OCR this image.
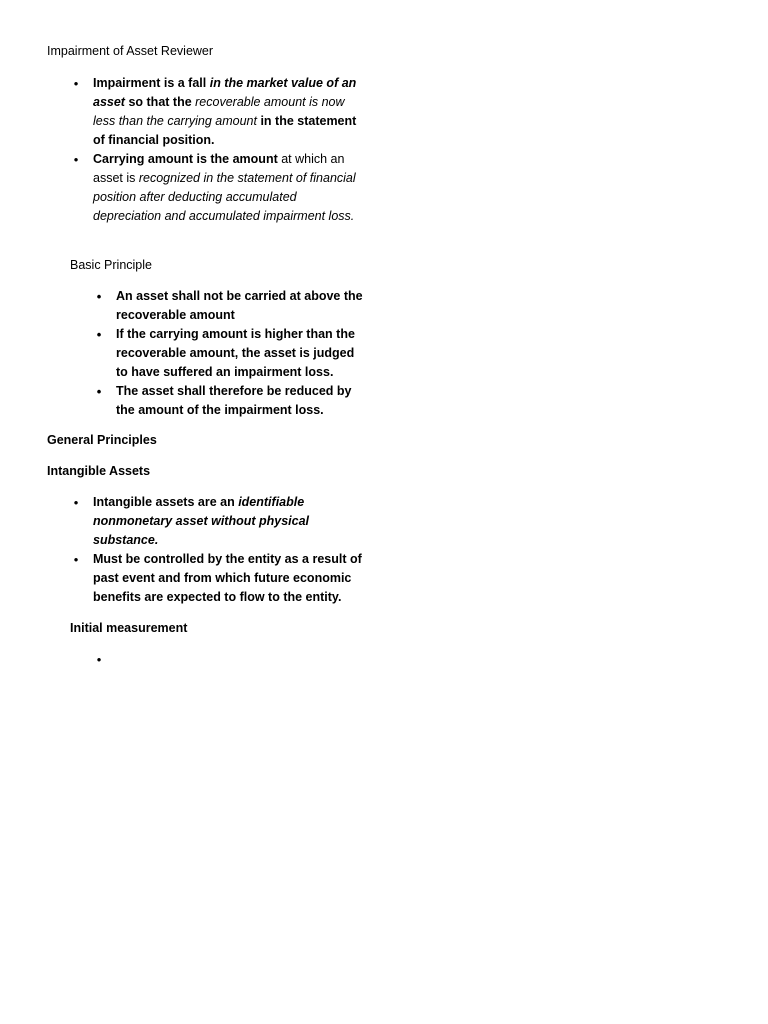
Impairment of Asset Reviewer

• Impairment is a fall in the market value of an asset so that the recoverable amount is now less than the carrying amount in the statement of financial position.
• Carrying amount is the amount at which an asset is recognized in the statement of financial position after deducting accumulated depreciation and accumulated impairment loss.

Basic Principle

• An asset shall not be carried at above the recoverable amount
• If the carrying amount is higher than the recoverable amount, the asset is judged to have suffered an impairment loss.
• The asset shall therefore be reduced by the amount of the impairment loss.

General Principles

Intangible Assets

• Intangible assets are an identifiable nonmonetary asset without physical substance.
• Must be controlled by the entity as a result of past event and from which future economic benefits are expected to flow to the entity.

Initial measurement

•
